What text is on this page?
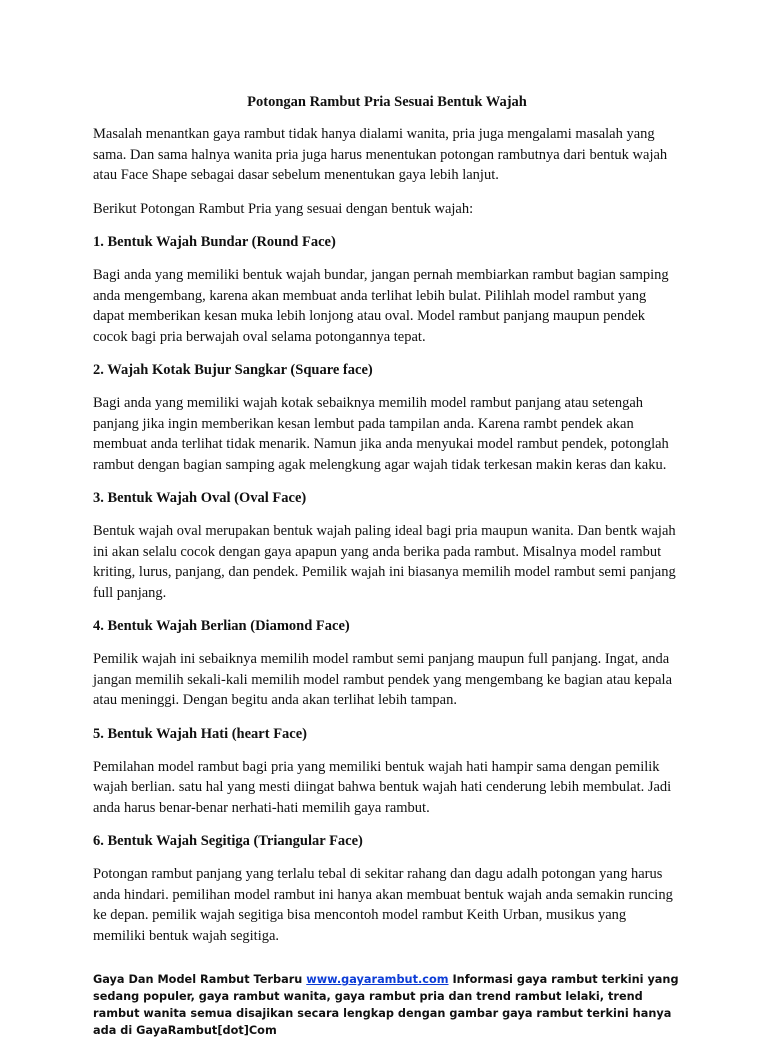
Potongan Rambut Pria Sesuai Bentuk Wajah

Masalah menantkan gaya rambut tidak hanya dialami wanita, pria juga mengalami masalah yang sama. Dan sama halnya wanita pria juga harus menentukan potongan rambutnya dari bentuk wajah atau Face Shape sebagai dasar sebelum menentukan gaya lebih lanjut.

Berikut Potongan Rambut Pria yang sesuai dengan bentuk wajah:

1. Bentuk Wajah Bundar (Round Face)

Bagi anda yang memiliki bentuk wajah bundar, jangan pernah membiarkan rambut bagian samping anda mengembang, karena akan membuat anda terlihat lebih bulat. Pilihlah model rambut yang dapat memberikan kesan muka lebih lonjong atau oval. Model rambut panjang maupun pendek cocok bagi pria berwajah oval selama potongannya tepat.

2. Wajah Kotak Bujur Sangkar (Square face)

Bagi anda yang memiliki wajah kotak sebaiknya memilih model rambut panjang atau setengah panjang jika ingin memberikan kesan lembut pada tampilan anda. Karena rambt pendek akan membuat anda terlihat tidak menarik. Namun jika anda menyukai model rambut pendek, potonglah rambut dengan bagian samping agak melengkung agar wajah tidak terkesan makin keras dan kaku.

3. Bentuk Wajah Oval (Oval Face)

Bentuk wajah oval merupakan bentuk wajah paling ideal bagi pria maupun wanita. Dan bentk wajah ini akan selalu cocok dengan gaya apapun yang anda berika pada rambut. Misalnya model rambut kriting, lurus, panjang, dan pendek. Pemilik wajah ini biasanya memilih model rambut semi panjang full panjang.

4. Bentuk Wajah Berlian (Diamond Face)

Pemilik wajah ini sebaiknya memilih model rambut semi panjang maupun full panjang. Ingat, anda jangan memilih sekali-kali memilih model rambut pendek yang mengembang ke bagian atau kepala atau meninggi. Dengan begitu anda akan terlihat lebih tampan.

5. Bentuk Wajah Hati (heart Face)

Pemilahan model rambut bagi pria yang memiliki bentuk wajah hati hampir sama dengan pemilik wajah berlian. satu hal yang mesti diingat bahwa bentuk wajah hati cenderung lebih membulat. Jadi anda harus benar-benar nerhati-hati memilih gaya rambut.

6. Bentuk Wajah Segitiga (Triangular Face)

Potongan rambut panjang yang terlalu tebal di sekitar rahang dan dagu adalh potongan yang harus anda hindari. pemilihan model rambut ini hanya akan membuat bentuk wajah anda semakin runcing ke depan. pemilik wajah segitiga bisa mencontoh model rambut Keith Urban, musikus yang memiliki bentuk wajah segitiga.

Gaya Dan Model Rambut Terbaru www.gayarambut.com Informasi gaya rambut terkini yang sedang populer, gaya rambut wanita, gaya rambut pria dan trend rambut lelaki, trend rambut wanita semua disajikan secara lengkap dengan gambar gaya rambut terkini hanya ada di GayaRambut[dot]Com
